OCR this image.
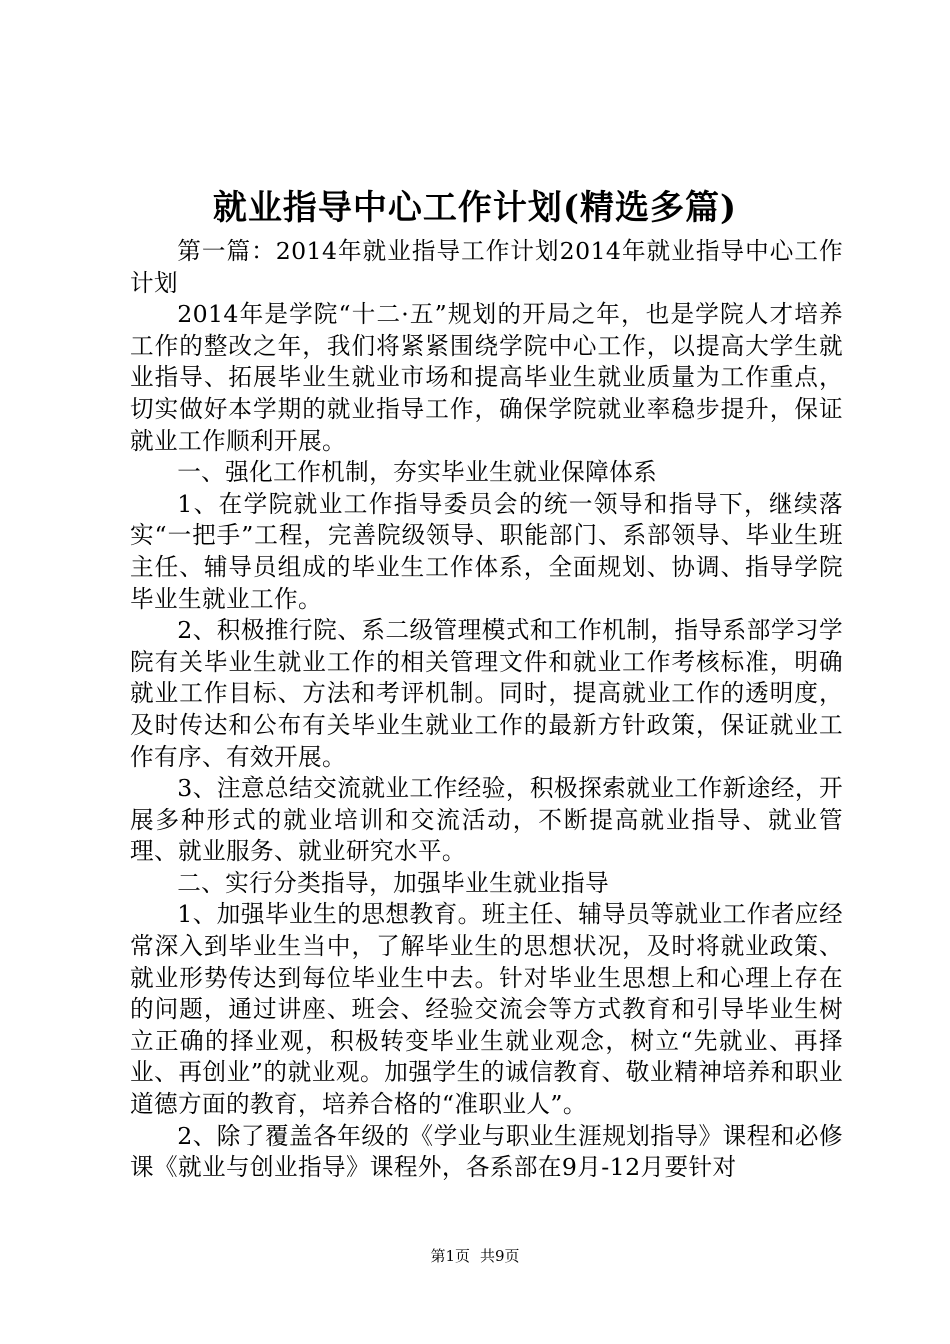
就业指导中心工作计划(精选多篇)

第一篇：2014年就业指导工作计划2014年就业指导中心工作计划

2014年是学院“十二·五”规划的开局之年，也是学院人才培养工作的整改之年，我们将紧紧围绕学院中心工作，以提高大学生就业指导、拓展毕业生就业市场和提高毕业生就业质量为工作重点，切实做好本学期的就业指导工作，确保学院就业率稳步提升，保证就业工作顺利开展。

一、强化工作机制，夯实毕业生就业保障体系

1、在学院就业工作指导委员会的统一领导和指导下，继续落实“一把手”工程，完善院级领导、职能部门、系部领导、毕业生班主任、辅导员组成的毕业生工作体系，全面规划、协调、指导学院毕业生就业工作。

2、积极推行院、系二级管理模式和工作机制，指导系部学习学院有关毕业生就业工作的相关管理文件和就业工作考核标准，明确就业工作目标、方法和考评机制。同时，提高就业工作的透明度，及时传达和公布有关毕业生就业工作的最新方针政策，保证就业工作有序、有效开展。

3、注意总结交流就业工作经验，积极探索就业工作新途经，开展多种形式的就业培训和交流活动，不断提高就业指导、就业管理、就业服务、就业研究水平。

二、实行分类指导，加强毕业生就业指导

1、加强毕业生的思想教育。班主任、辅导员等就业工作者应经常深入到毕业生当中，了解毕业生的思想状况，及时将就业政策、就业形势传达到每位毕业生中去。针对毕业生思想上和心理上存在的问题，通过讲座、班会、经验交流会等方式教育和引导毕业生树立正确的择业观，积极转变毕业生就业观念，树立“先就业、再择业、再创业”的就业观。加强学生的诚信教育、敬业精神培养和职业道德方面的教育，培养合格的“准职业人”。

2、除了覆盖各年级的《学业与职业生涯规划指导》课程和必修课《就业与创业指导》课程外，各系部在9月-12月要针对

第1页 共9页
